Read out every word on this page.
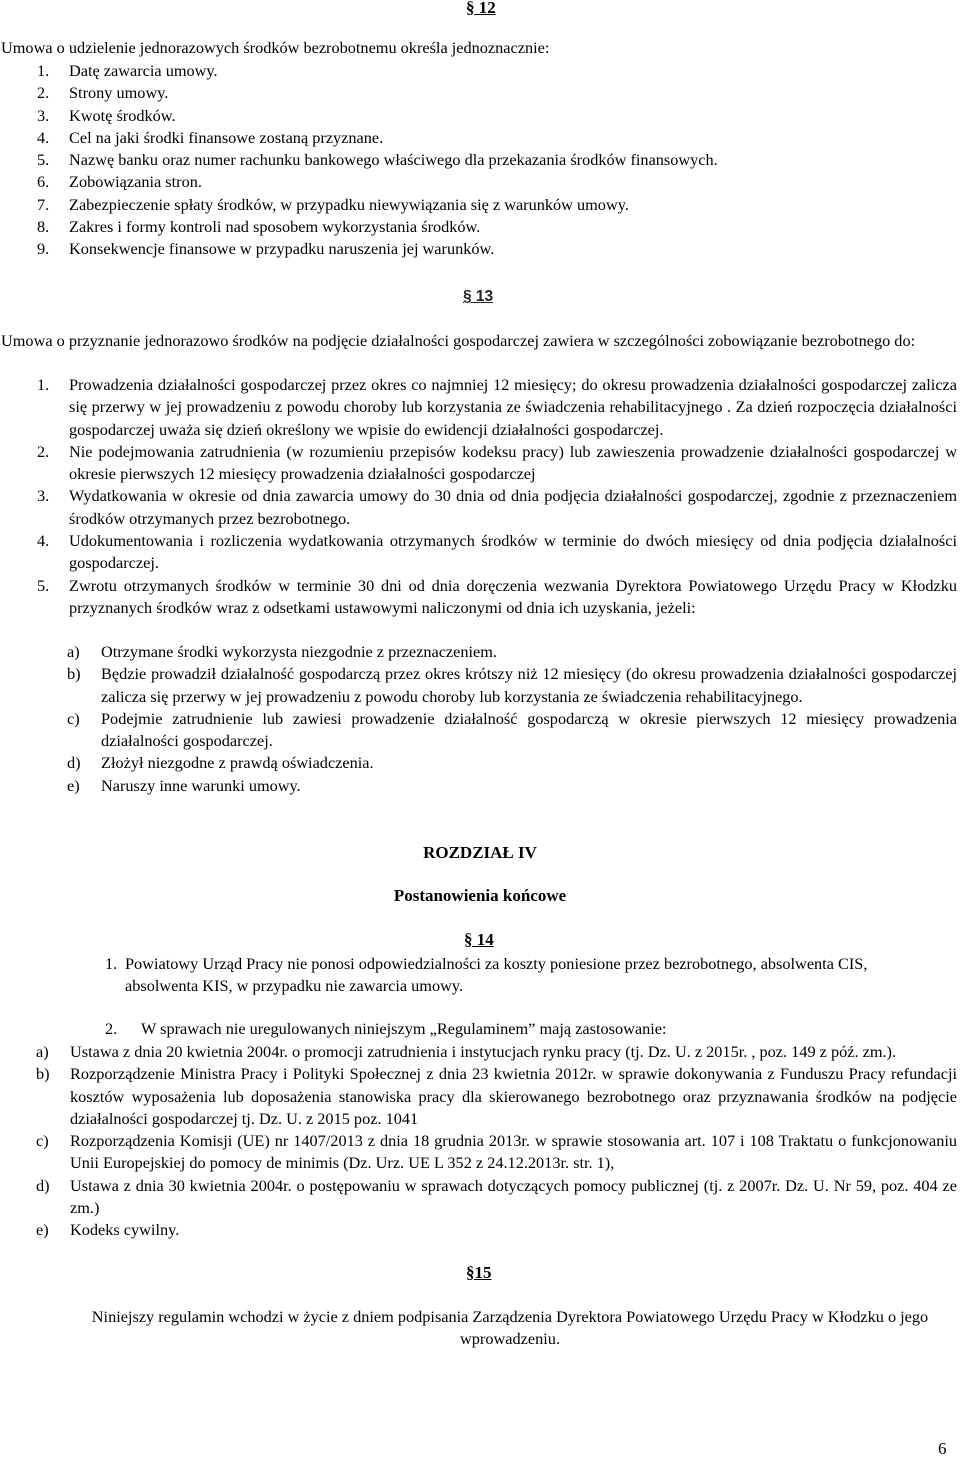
§ 12
Umowa o udzielenie jednorazowych środków bezrobotnemu określa jednoznacznie:
1. Datę zawarcia umowy.
2. Strony umowy.
3. Kwotę środków.
4. Cel na jaki środki finansowe zostaną przyznane.
5. Nazwę banku oraz numer rachunku bankowego właściwego dla przekazania środków finansowych.
6. Zobowiązania stron.
7. Zabezpieczenie spłaty środków, w przypadku niewywiązania się z warunków umowy.
8. Zakres i formy kontroli nad sposobem wykorzystania środków.
9. Konsekwencje finansowe w przypadku naruszenia jej warunków.
§ 13
Umowa o przyznanie jednorazowo środków na podjęcie działalności gospodarczej zawiera w szczególności zobowiązanie bezrobotnego do:
1. Prowadzenia działalności gospodarczej przez okres co najmniej 12 miesięcy; do okresu prowadzenia działalności gospodarczej zalicza się przerwy w jej prowadzeniu z powodu choroby lub korzystania ze świadczenia rehabilitacyjnego . Za dzień rozpoczęcia działalności gospodarczej uważa się dzień określony we wpisie do ewidencji działalności gospodarczej.
2. Nie podejmowania zatrudnienia (w rozumieniu przepisów kodeksu pracy) lub zawieszenia prowadzenie działalności gospodarczej w okresie pierwszych 12 miesięcy prowadzenia działalności gospodarczej
3. Wydatkowania w okresie od dnia zawarcia umowy do 30 dnia od dnia podjęcia działalności gospodarczej, zgodnie z przeznaczeniem środków otrzymanych przez bezrobotnego.
4. Udokumentowania i rozliczenia wydatkowania otrzymanych środków w terminie do dwóch miesięcy od dnia podjęcia działalności gospodarczej.
5. Zwrotu otrzymanych środków w terminie 30 dni od dnia doręczenia wezwania Dyrektora Powiatowego Urzędu Pracy w Kłodzku przyznanych środków wraz z odsetkami ustawowymi naliczonymi od dnia ich uzyskania, jeżeli:
a) Otrzymane środki wykorzysta niezgodnie z przeznaczeniem.
b) Będzie prowadził działalność gospodarczą przez okres krótszy niż 12 miesięcy (do okresu prowadzenia działalności gospodarczej zalicza się przerwy w jej prowadzeniu z powodu choroby lub korzystania ze świadczenia rehabilitacyjnego.
c) Podejmie zatrudnienie lub zawiesi prowadzenie działalność gospodarczą w okresie pierwszych 12 miesięcy prowadzenia działalności gospodarczej.
d) Złożył niezgodne z prawdą oświadczenia.
e) Naruszy inne warunki umowy.
ROZDZIAŁ IV
Postanowienia końcowe
§ 14
1. Powiatowy Urząd Pracy nie ponosi odpowiedzialności za koszty poniesione przez bezrobotnego, absolwenta CIS, absolwenta KIS, w przypadku nie zawarcia umowy.
2. W sprawach nie uregulowanych niniejszym „Regulaminem” mają zastosowanie:
a) Ustawa z dnia 20 kwietnia 2004r. o promocji zatrudnienia i instytucjach rynku pracy (tj. Dz. U. z 2015r. , poz. 149 z póź. zm.).
b) Rozporządzenie Ministra Pracy i Polityki Społecznej z dnia 23 kwietnia 2012r. w sprawie dokonywania z Funduszu Pracy refundacji kosztów wyposażenia lub doposażenia stanowiska pracy dla skierowanego bezrobotnego oraz przyznawania środków na podjęcie działalności gospodarczej tj. Dz. U. z 2015 poz. 1041
c) Rozporządzenia Komisji (UE) nr 1407/2013 z dnia 18 grudnia 2013r. w sprawie stosowania art. 107 i 108 Traktatu o funkcjonowaniu Unii Europejskiej do pomocy de minimis (Dz. Urz. UE L 352 z 24.12.2013r. str. 1),
d) Ustawa z dnia 30 kwietnia 2004r. o postępowaniu w sprawach dotyczących pomocy publicznej (tj. z 2007r. Dz. U. Nr 59, poz. 404 ze zm.)
e) Kodeks cywilny.
§15
Niniejszy regulamin wchodzi w życie z dniem podpisania Zarządzenia Dyrektora Powiatowego Urzędu Pracy w Kłodzku o jego wprowadzeniu.
6
